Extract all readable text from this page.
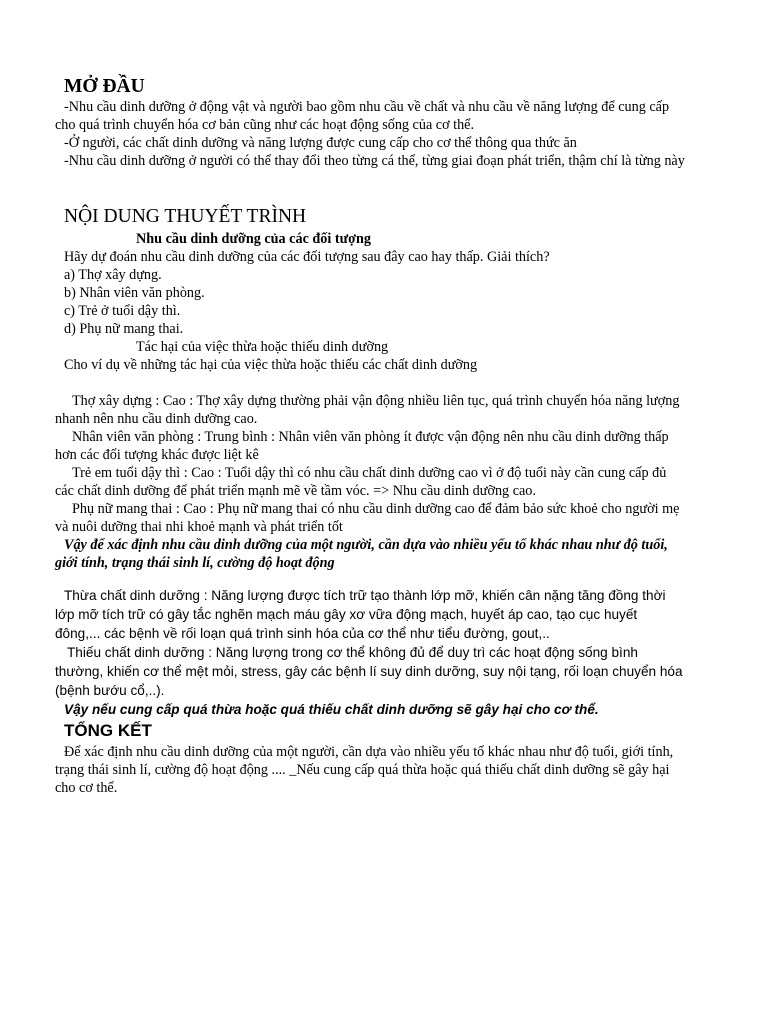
MỞ ĐẦU
-Nhu cầu dinh dưỡng ở động vật và người bao gồm nhu cầu về chất và nhu cầu về năng lượng để cung cấp cho quá trình chuyển hóa cơ bản cũng như các hoạt động sống của cơ thể.
-Ở người, các chất dinh dưỡng và năng lượng được cung cấp cho cơ thể thông qua thức ăn
-Nhu cầu dinh dưỡng ở người có thể thay đổi theo từng cá thể, từng giai đoạn phát triển, thậm chí là từng này
NỘI DUNG THUYẾT TRÌNH
Nhu cầu dinh dưỡng của các đối tượng
Hãy dự đoán nhu cầu dinh dưỡng của các đối tượng sau đây cao hay thấp. Giải thích?
a) Thợ xây dựng.
b) Nhân viên văn phòng.
c) Trẻ ở tuổi dậy thì.
d) Phụ nữ mang thai.
Tác hại của việc thừa hoặc thiếu dinh dưỡng
Cho ví dụ về những tác hại của việc thừa hoặc thiếu các chất dinh dưỡng
Thợ xây dựng : Cao : Thợ xây dựng thường phải vận động nhiều liên tục, quá trình chuyển hóa năng lượng nhanh nên nhu cầu dinh dưỡng cao.
Nhân viên văn phòng : Trung bình : Nhân viên văn phòng ít được vận động nên nhu cầu dinh dưỡng thấp hơn các đối tượng khác được liệt kê
Trẻ em tuổi dậy thì : Cao : Tuổi dậy thì có nhu cầu chất dinh dưỡng cao vì ở độ tuổi này cần cung cấp đủ các chất dinh dưỡng để phát triển mạnh mẽ về tầm vóc. => Nhu cầu dinh dưỡng cao.
Phụ nữ mang thai : Cao : Phụ nữ mang thai có nhu cầu dinh dưỡng cao để đảm bảo sức khoẻ cho người mẹ và nuôi dưỡng thai nhi khoẻ mạnh và phát triển tốt
Vậy để xác định nhu cầu dinh dưỡng của một người, cần dựa vào nhiều yếu tố khác nhau như độ tuổi, giới tính, trạng thái sinh lí, cường độ hoạt động
Thừa chất dinh dưỡng : Năng lượng được tích trữ tạo thành lớp mỡ, khiến cân nặng tăng đồng thời lớp mỡ tích trữ có gây tắc nghẽn mạch máu gây xơ vữa động mạch, huyết áp cao, tạo cục huyết đông,... các bệnh về rối loạn quá trình sinh hóa của cơ thể như tiểu đường, gout,..
Thiếu chất dinh dưỡng : Năng lượng trong cơ thể không đủ để duy trì các hoạt động sống bình thường, khiến cơ thể mệt mỏi, stress, gây các bệnh lí suy dinh dưỡng, suy nội tạng, rối loạn chuyển hóa (bệnh bướu cổ,..).
Vậy nếu cung cấp quá thừa hoặc quá thiếu chất dinh dưỡng sẽ gây hại cho cơ thể.
TỔNG KẾT
Để xác định nhu cầu dinh dưỡng của một người, cần dựa vào nhiều yếu tố khác nhau như độ tuổi, giới tính, trạng thái sinh lí, cường độ hoạt động .... _Nếu cung cấp quá thừa hoặc quá thiếu chất dinh dưỡng sẽ gây hại cho cơ thể.
